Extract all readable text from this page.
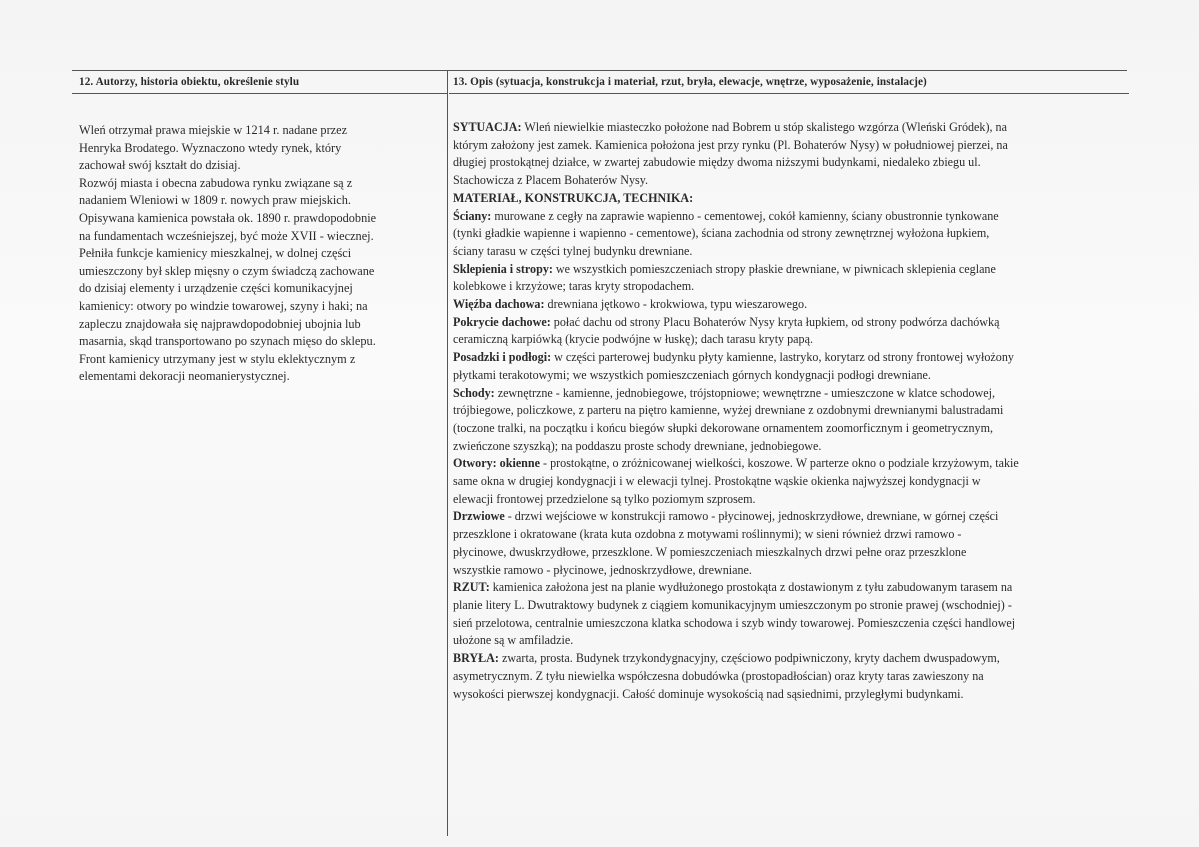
12. Autorzy, historia obiektu, określenie stylu	13. Opis (sytuacja, konstrukcja i materiał, rzut, bryła, elewacje, wnętrze, wyposażenie, instalacje)

Wleń otrzymał prawa miejskie w 1214 r. nadane przez

Henryka Brodatego. Wyznaczono wtedy rynek, który

zachował swój kształt do dzisiaj.

Rozwój miasta i obecna zabudowa rynku związane są z

nadaniem Wleniowi w 1809 r. nowych praw miejskich.

Opisywana kamienica powstała ok. 1890 r. prawdopodobnie

na fundamentach wcześniejszej, być może XVII - wiecznej.

Pełniła funkcje kamienicy mieszkalnej, w dolnej części

umieszczony był sklep mięsny o czym świadczą zachowane

do dzisiaj elementy i urządzenie części komunikacyjnej

kamienicy: otwory po windzie towarowej, szyny i haki; na

zapleczu znajdowała się najprawdopodobniej ubojnia lub

masarnia, skąd transportowano po szynach mięso do sklepu.

Front kamienicy utrzymany jest w stylu eklektycznym z

elementami dekoracji neomanierystycznej.

SYTUACJA: Wleń niewielkie miasteczko położone nad Bobrem u stóp skalistego wzgórza (Wleński Gródek), na

którym założony jest zamek. Kamienica położona jest przy rynku (Pl. Bohaterów Nysy) w południowej pierzei, na

długiej prostokątnej działce, w zwartej zabudowie między dwoma niższymi budynkami, niedaleko zbiegu ul.

Stachowicza z Placem Bohaterów Nysy.

MATERIAŁ, KONSTRUKCJA, TECHNIKA:

Ściany: murowane z cegły na zaprawie wapienno - cementowej, cokół kamienny, ściany obustronnie tynkowane

(tynki gładkie wapienne i wapienno - cementowe), ściana zachodnia od strony zewnętrznej wyłożona łupkiem,

ściany tarasu w części tylnej budynku drewniane.

Sklepienia i stropy: we wszystkich pomieszczeniach stropy płaskie drewniane, w piwnicach sklepienia ceglane

kolebkowe i krzyżowe; taras kryty stropodachem.

Więźba dachowa: drewniana jętkowo - krokwiowa, typu wieszarowego.

Pokrycie dachowe: połać dachu od strony Placu Bohaterów Nysy kryta łupkiem, od strony podwórza dachówką

ceramiczną karpiówką (krycie podwójne w łuskę); dach tarasu kryty papą.

Posadzki i podłogi: w części parterowej budynku płyty kamienne, lastryko, korytarz od strony frontowej wyłożony

płytkami terakotowymi; we wszystkich pomieszczeniach górnych kondygnacji podłogi drewniane.

Schody: zewnętrzne - kamienne, jednobiegowe, trójstopniowe; wewnętrzne - umieszczone w klatce schodowej,

trójbiegowe, policzkowe, z parteru na piętro kamienne, wyżej drewniane z ozdobnymi drewnianymi balustradami

(toczone tralki, na początku i końcu biegów słupki dekorowane ornamentem zoomorficznym i geometrycznym,

zwieńczone szyszką); na poddaszu proste schody drewniane, jednobiegowe.

Otwory: okienne - prostokątne, o zróżnicowanej wielkości, koszowe. W parterze okno o podziale krzyżowym, takie

same okna w drugiej kondygnacji i w elewacji tylnej. Prostokątne wąskie okienka najwyższej kondygnacji w

elewacji frontowej przedzielone są tylko poziomym szprosem.

Drzwiowe - drzwi wejściowe w konstrukcji ramowo - płycinowej, jednoskrzydłowe, drewniane, w górnej części

przeszklone i okratowane (krata kuta ozdobna z motywami roślinnymi); w sieni również drzwi ramowo -

płycinowe, dwuskrzydłowe, przeszklone. W pomieszczeniach mieszkalnych drzwi pełne oraz przeszklone

wszystkie ramowo - płycinowe, jednoskrzydłowe, drewniane.

RZUT: kamienica założona jest na planie wydłużonego prostokąta z dostawionym z tyłu zabudowanym tarasem na

planie litery L. Dwutraktowy budynek z ciągiem komunikacyjnym umieszczonym po stronie prawej (wschodniej) -

sień przelotowa, centralnie umieszczona klatka schodowa i szyb windy towarowej. Pomieszczenia części handlowej

ułożone są w amfiladzie.

BRYŁA: zwarta, prosta. Budynek trzykondygnacyjny, częściowo podpiwniczony, kryty dachem dwuspadowym,

asymetrycznym. Z tyłu niewielka współczesna dobudówka (prostopadłościan) oraz kryty taras zawieszony na

wysokości pierwszej kondygnacji. Całość dominuje wysokością nad sąsiednimi, przyległymi budynkami.
